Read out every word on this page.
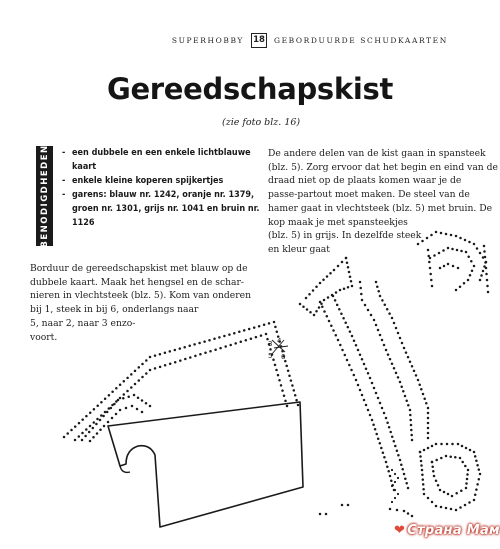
SUPERHOBBY 18 GEBORDUURDE SCHUDKAARTEN
Gereedschapskist
(zie foto blz. 16)
BENODIGDHEDEN
-	een dubbele en een enkele lichtblauwe kaart
- enkele kleine koperen spijkertjes
- garens: blauw nr. 1242, oranje nr. 1379, groen nr. 1301, grijs nr. 1041 en bruin nr. 1126
De andere delen van de kist gaan in spansteek
(blz. 5). Zorg ervoor dat het begin en eind van de
draad niet op de plaats komen waar je de
passe-partout moet maken. De steel van de
hamer gaat in vlechtsteek (blz. 5) met bruin. De
kop maak je met spansteekjes
(blz. 5) in grijs. In dezelfde steek
en kleur gaat
Borduur de gereedschapskist met blauw op de
dubbele kaart. Maak het hengsel en de schar-
nieren in vlechtsteek (blz. 5). Kom van onderen
bij 1, steek in bij 6, onderlangs naar
5, naar 2, naar 3 enzo-
voort.
3 4
5 6
❤ Страна Мам
